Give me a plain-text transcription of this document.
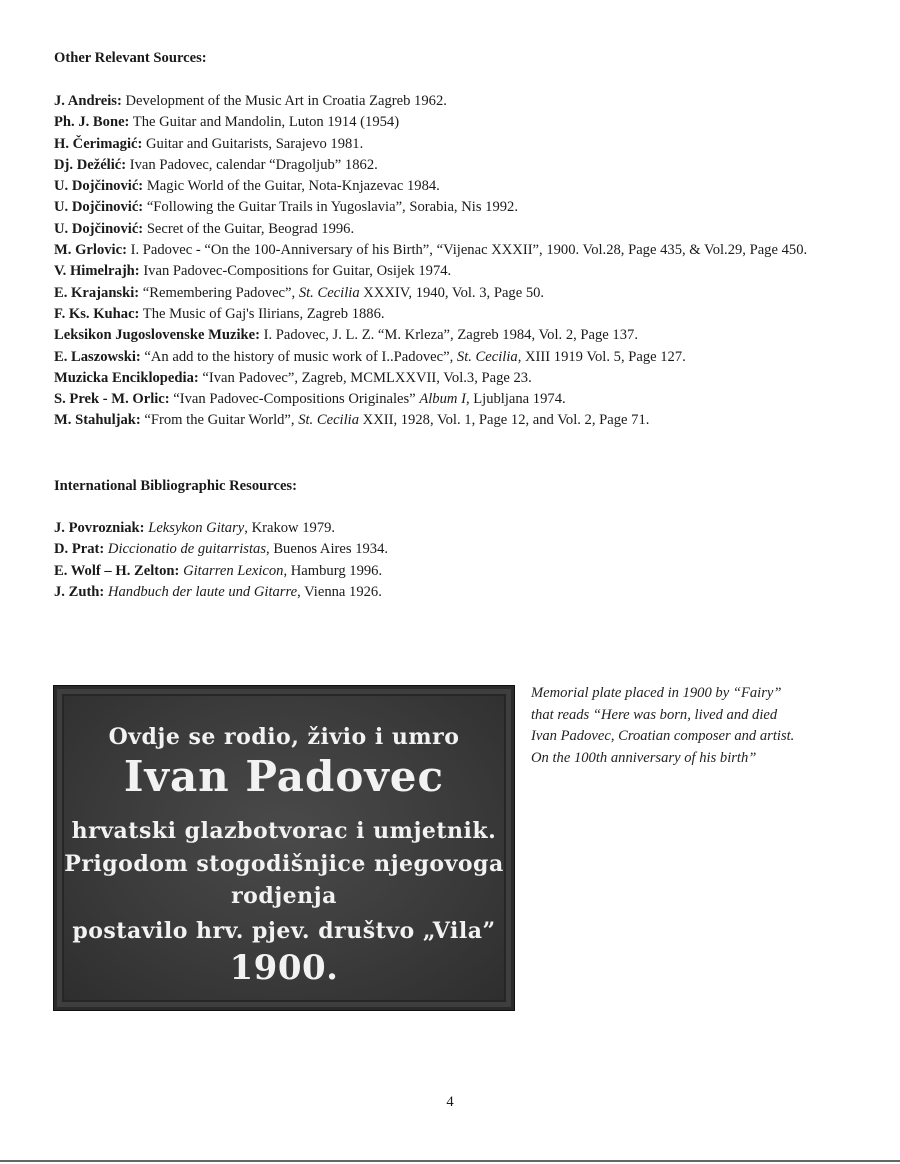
Other Relevant Sources:

J. Andreis: Development of the Music Art in Croatia Zagreb 1962.

Ph. J. Bone: The Guitar and Mandolin, Luton 1914 (1954)

H. Čerimagić: Guitar and Guitarists, Sarajevo 1981.

Dj. Dežélić: Ivan Padovec, calendar “Dragoljub” 1862.

U. Dojčinović: Magic World of the Guitar, Nota-Knjazevac 1984.

U. Dojčinović: “Following the Guitar Trails in Yugoslavia”, Sorabia, Nis 1992.

U. Dojčinović: Secret of the Guitar, Beograd 1996.

M. Grlovic: I. Padovec - “On the 100-Anniversary of his Birth”, “Vijenac XXXII”, 1900. Vol.28, Page 435, & Vol.29, Page 450.

V. Himelrajh: Ivan Padovec-Compositions for Guitar, Osijek 1974.

E. Krajanski: “Remembering Padovec”, St. Cecilia XXXIV, 1940, Vol. 3, Page 50.

F. Ks. Kuhac: The Music of Gaj's Ilirians, Zagreb 1886.

Leksikon Jugoslovenske Muzike: I. Padovec, J. L. Z. “M. Krleza”, Zagreb 1984, Vol. 2, Page 137.

E. Laszowski: “An add to the history of music work of I..Padovec”, St. Cecilia, XIII 1919 Vol. 5, Page 127.

Muzicka Enciklopedia: “Ivan Padovec”, Zagreb, MCMLXXVII, Vol.3, Page 23.

S. Prek - M. Orlic: “Ivan Padovec-Compositions Originales” Album I, Ljubljana 1974.

M. Stahuljak: “From the Guitar World”, St. Cecilia XXII, 1928, Vol. 1, Page 12, and Vol. 2, Page 71.

International Bibliographic Resources:

J. Povrozniak: Leksykon Gitary, Krakow 1979.

D. Prat: Diccionatio de guitarristas, Buenos Aires 1934.

E. Wolf – H. Zelton: Gitarren Lexicon, Hamburg 1996.

J. Zuth: Handbuch der laute und Gitarre, Vienna 1926.

Ovdje se rodio, živio i umro
Ivan Padovec
hrvatski glazbotvorac i umjetnik.
Prigodom stogodišnjice njegovoga
rodjenja
postavilo hrv. pjev. društvo „Vila”
1900.

Memorial plate placed in 1900 by “Fairy”

that reads “Here was born, lived and died

Ivan Padovec, Croatian composer and artist.

On the 100th anniversary of his birth”

4
